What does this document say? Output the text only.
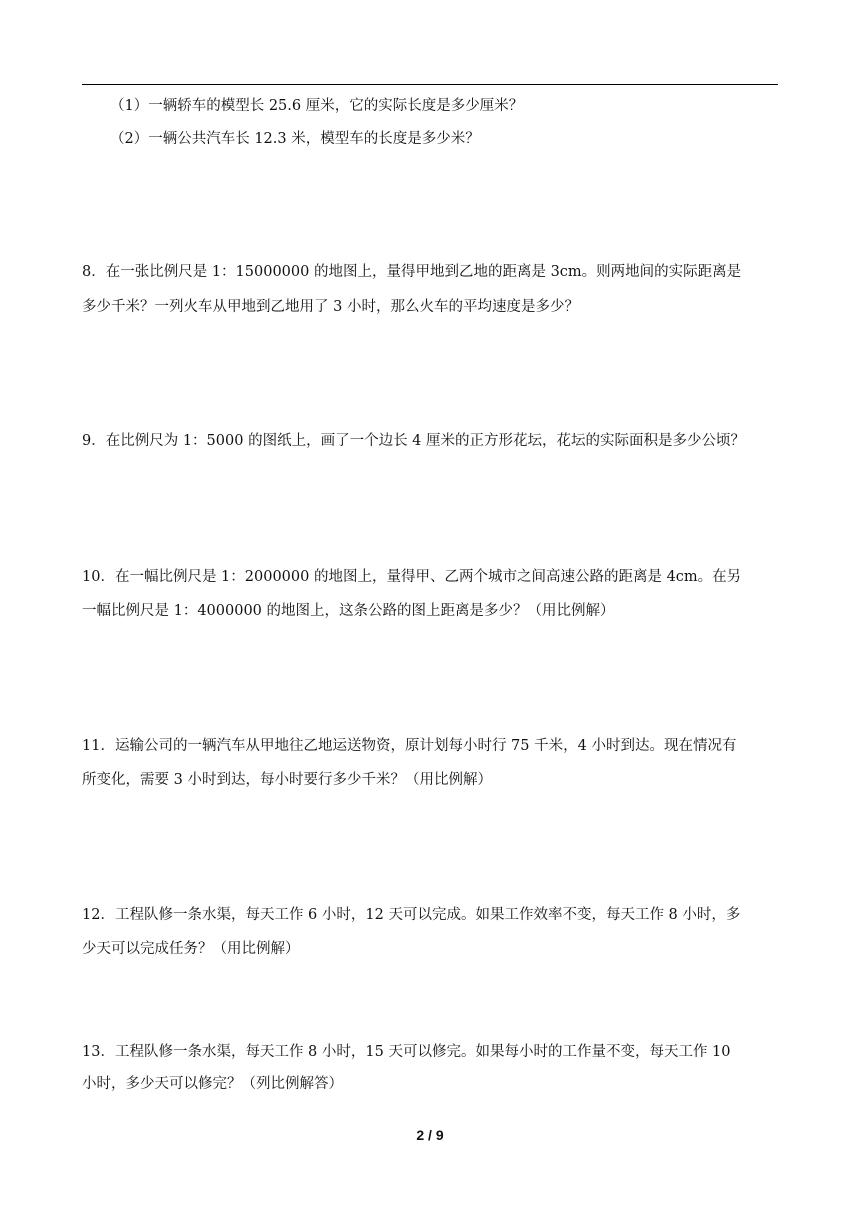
（1）一辆轿车的模型长 25.6 厘米，它的实际长度是多少厘米？
（2）一辆公共汽车长 12.3 米，模型车的长度是多少米？
8．在一张比例尺是 1：15000000 的地图上，量得甲地到乙地的距离是 3cm。则两地间的实际距离是
多少千米？一列火车从甲地到乙地用了 3 小时，那么火车的平均速度是多少？
9．在比例尺为 1：5000 的图纸上，画了一个边长 4 厘米的正方形花坛，花坛的实际面积是多少公顷？
10．在一幅比例尺是 1：2000000 的地图上，量得甲、乙两个城市之间高速公路的距离是 4cm。在另
一幅比例尺是 1：4000000 的地图上，这条公路的图上距离是多少？（用比例解）
11．运输公司的一辆汽车从甲地往乙地运送物资，原计划每小时行 75 千米，4 小时到达。现在情况有
所变化，需要 3 小时到达，每小时要行多少千米？（用比例解）
12．工程队修一条水渠，每天工作 6 小时，12 天可以完成。如果工作效率不变，每天工作 8 小时，多
少天可以完成任务？（用比例解）
13．工程队修一条水渠，每天工作 8 小时，15 天可以修完。如果每小时的工作量不变，每天工作 10
小时，多少天可以修完？（列比例解答）
2 / 9
